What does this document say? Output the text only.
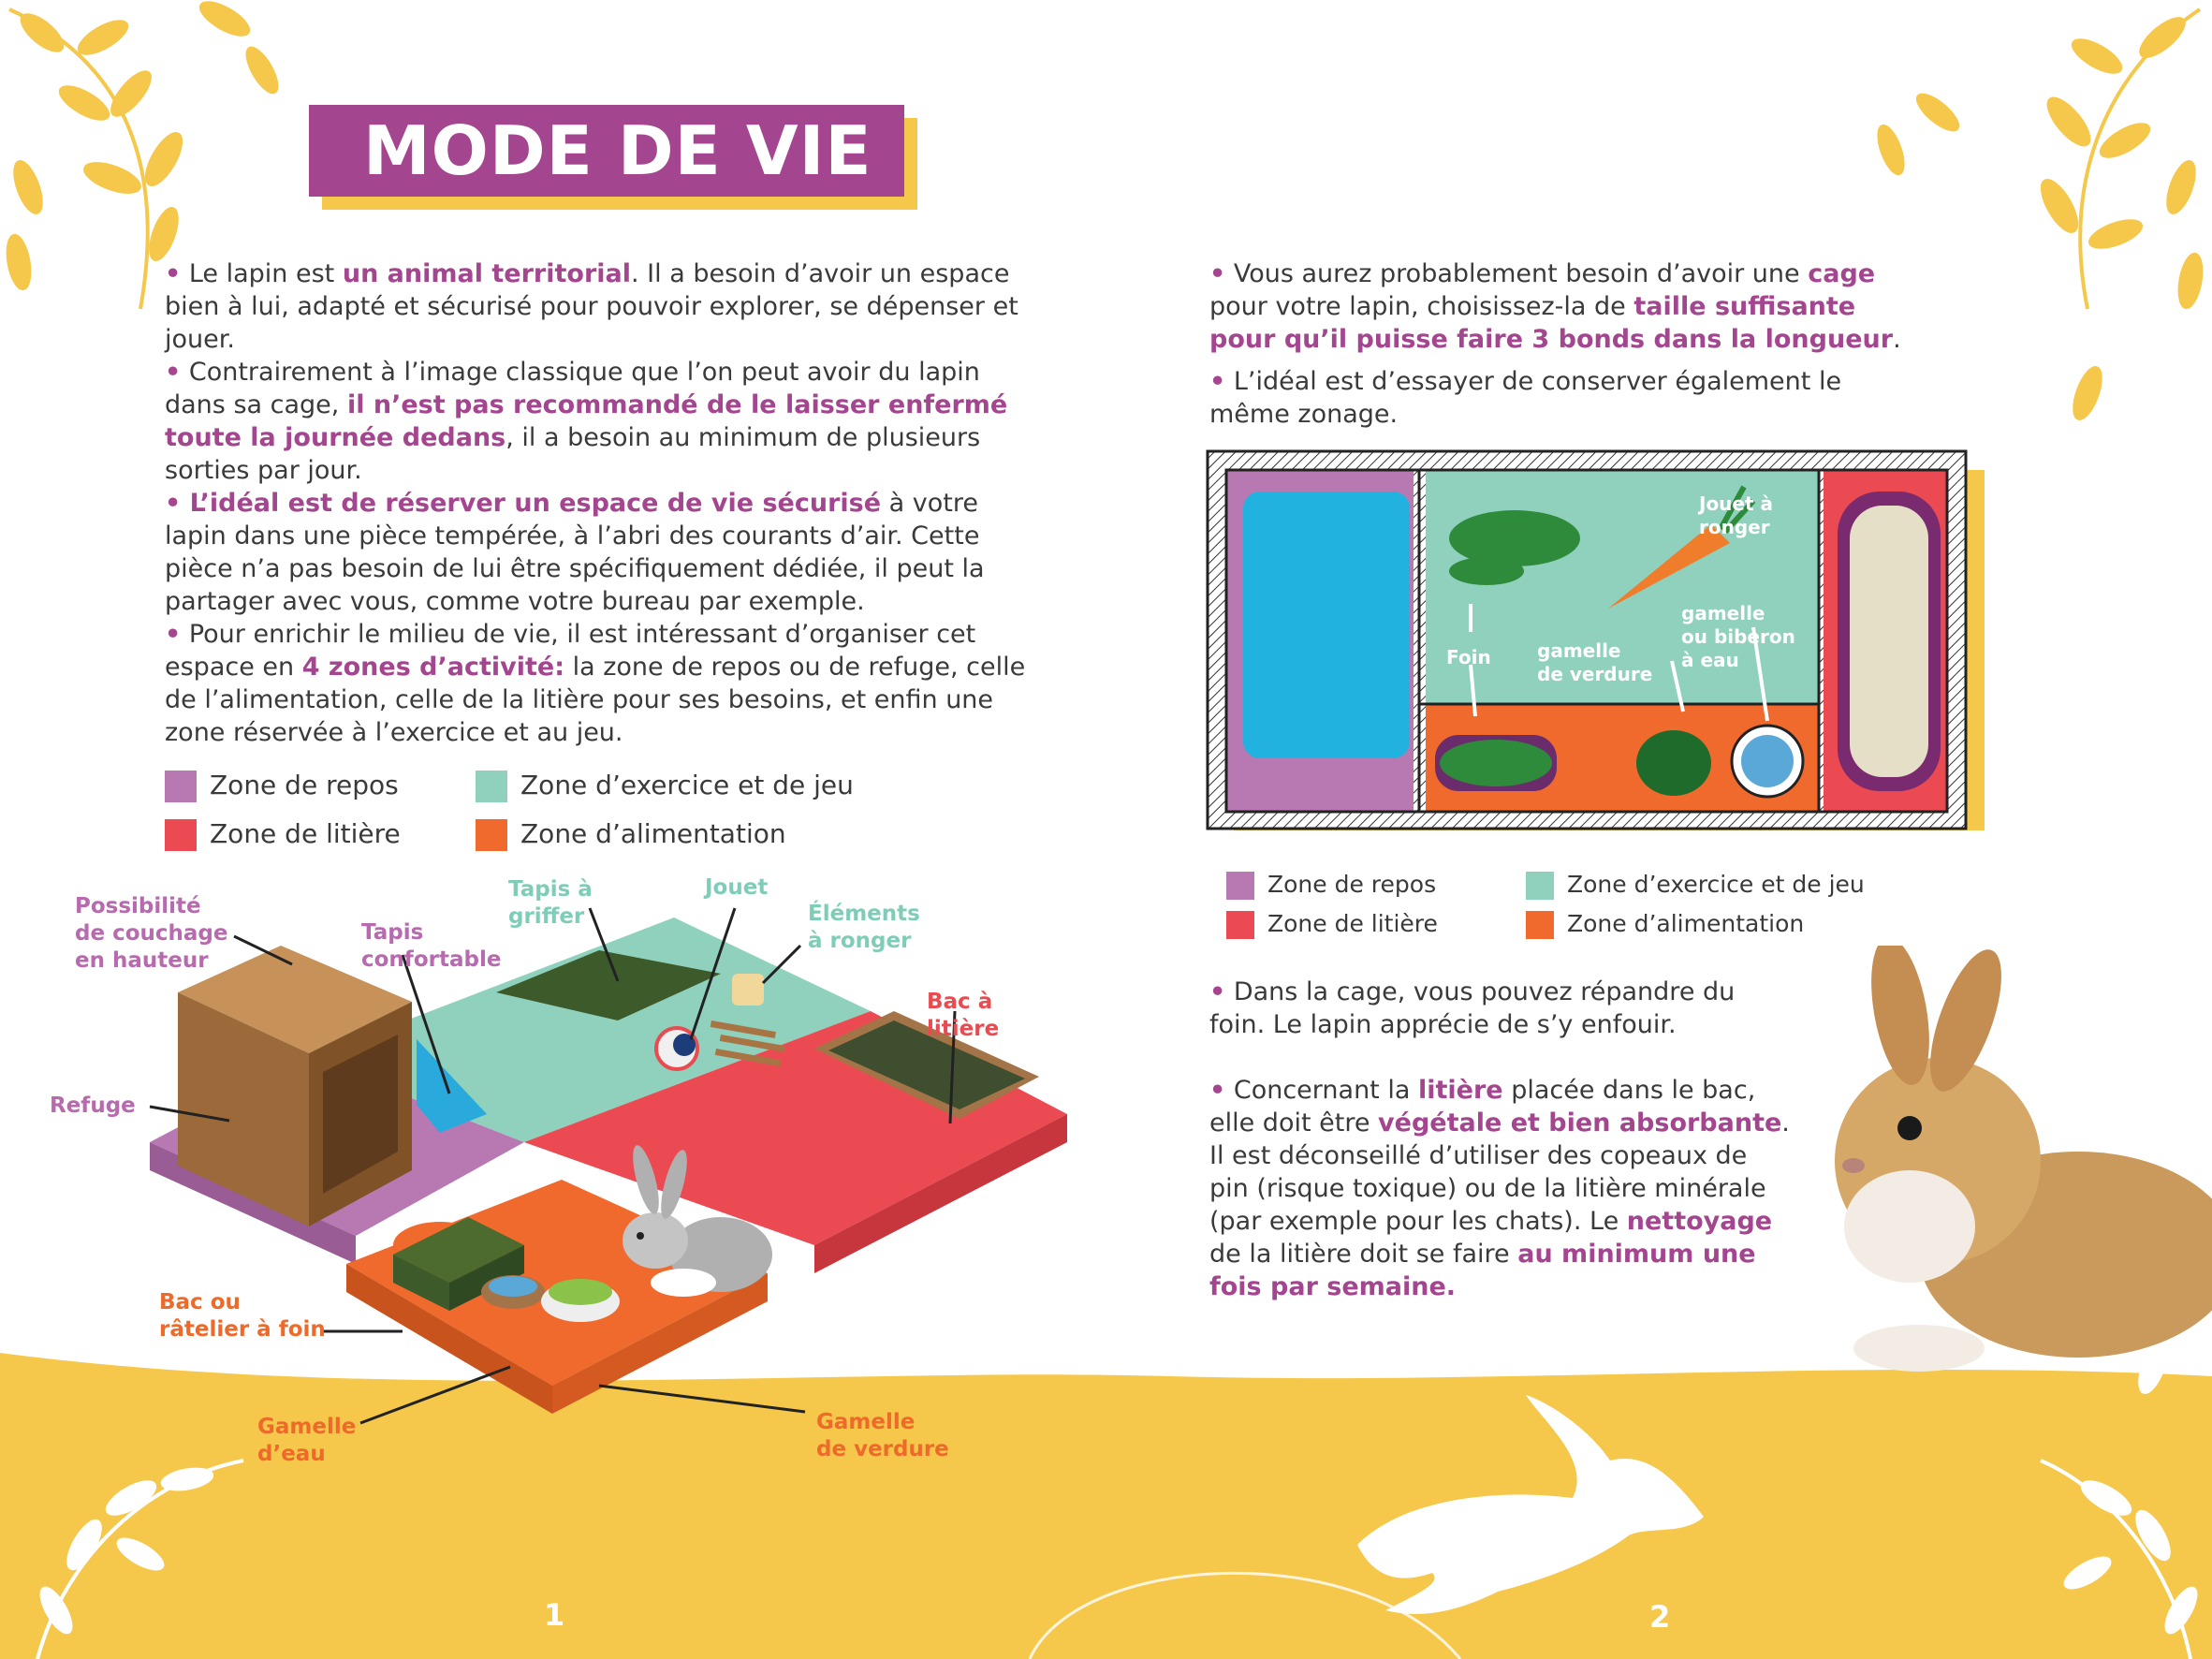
MODE DE VIE

• Le lapin est un animal territorial. Il a besoin d’avoir un espace bien à lui, adapté et sécurisé pour pouvoir explorer, se dépenser et jouer.

• Contrairement à l’image classique que l’on peut avoir du lapin dans sa cage, il n’est pas recommandé de le laisser enfermé toute la journée dedans, il a besoin au minimum de plusieurs sorties par jour.

• L’idéal est de réserver un espace de vie sécurisé à votre lapin dans une pièce tempérée, à l’abri des courants d’air. Cette pièce n’a pas besoin de lui être spécifiquement dédiée, il peut la partager avec vous, comme votre bureau par exemple.

• Pour enrichir le milieu de vie, il est intéressant d’organiser cet espace en 4 zones d’activité: la zone de repos ou de refuge, celle de l’alimentation, celle de la litière pour ses besoins, et enfin une zone réservée à l’exercice et au jeu.

Zone de repos	Zone d’exercice et de jeu
Zone de litière	Zone d’alimentation
Possibilité
de couchage
en hauteur
Tapis
confortable
Tapis à
griffer
Jouet
Éléments
à ronger
Bac à
litière
Refuge
Bac ou
râtelier à foin
Gamelle
d’eau
Gamelle
de verdure

• Vous aurez probablement besoin d’avoir une cage pour votre lapin, choisissez-la de taille suffisante pour qu’il puisse faire 3 bonds dans la longueur.

• L’idéal est d’essayer de conserver également le même zonage.

Jouet à
ronger
Foin gamelle
de verdure
gamelle
ou biberon
à eau
Zone de repos	Zone d’exercice et de jeu
Zone de litière	Zone d’alimentation

• Dans la cage, vous pouvez répandre du foin. Le lapin apprécie de s’y enfouir.

• Concernant la litière placée dans le bac, elle doit être végétale et bien absorbante. Il est déconseillé d’utiliser des copeaux de pin (risque toxique) ou de la litière minérale (par exemple pour les chats). Le nettoyage de la litière doit se faire au minimum une fois par semaine.

1	2
